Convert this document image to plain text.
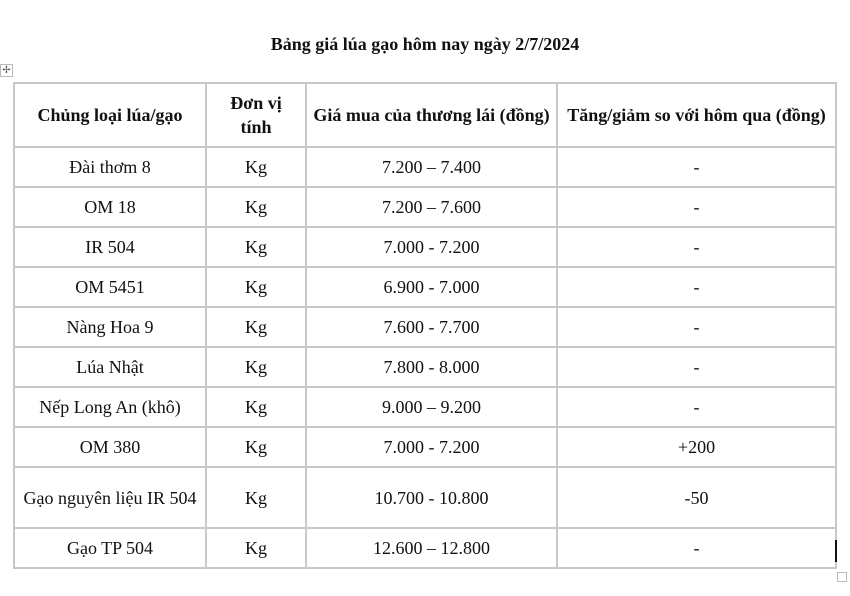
Bảng giá lúa gạo hôm nay ngày 2/7/2024
✢
Chủng loại lúa/gạo	Đơn vị tính	Giá mua của thương lái (đồng)	Tăng/giảm so với hôm qua (đồng)
Đài thơm 8	Kg	7.200 – 7.400	-
OM 18	Kg	7.200 – 7.600	-
IR 504	Kg	7.000 - 7.200	-
OM 5451	Kg	6.900 - 7.000	-
Nàng Hoa 9	Kg	7.600 - 7.700	-
Lúa Nhật	Kg	7.800 - 8.000	-
Nếp Long An (khô)	Kg	9.000 – 9.200	-
OM 380	Kg	7.000 - 7.200	+200
Gạo nguyên liệu IR 504	Kg	10.700 - 10.800	-50
Gạo TP 504	Kg	12.600 – 12.800	-
